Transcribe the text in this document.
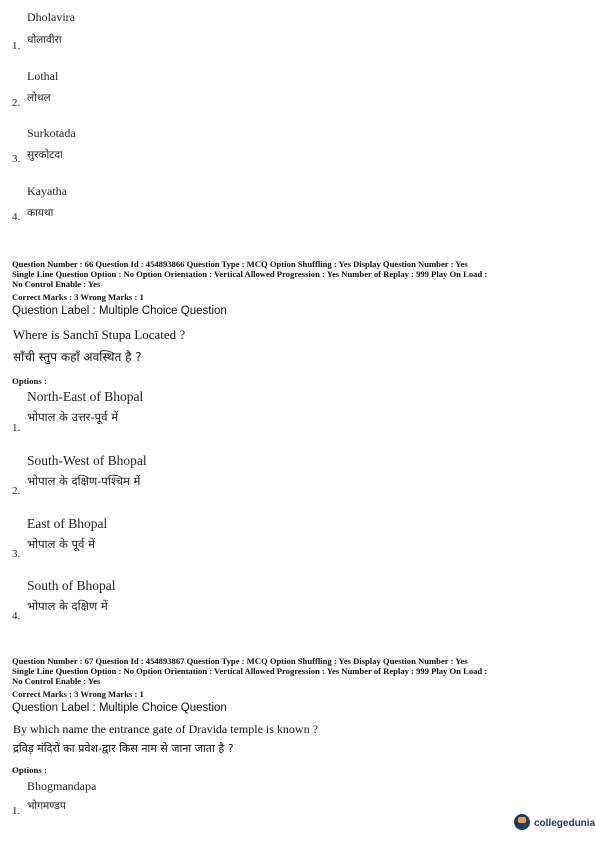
Dholavira
1. धोलावीरा
Lothal
2. लोथल
Surkotada
3. सुरकोटदा
Kayatha
4. कायथा
Question Number : 66 Question Id : 454893866 Question Type : MCQ Option Shuffling : Yes Display Question Number : Yes
Single Line Question Option : No Option Orientation : Vertical Allowed Progression : Yes Number of Replay : 999 Play On Load :
No Control Enable : Yes
Correct Marks : 3 Wrong Marks : 1
Question Label : Multiple Choice Question
Where is Sanchī Stupa Located ?
साँची स्तुप कहाँ अवस्थित है ?
Options :
North-East of Bhopal
भोपाल के उत्तर-पूर्व में
1.
South-West of Bhopal
भोपाल के दक्षिण-पश्चिम में
2.
East of Bhopal
भोपाल के पूर्व में
3.
South of Bhopal
भोपाल के दक्षिण में
4.
Question Number : 67 Question Id : 454893867 Question Type : MCQ Option Shuffling : Yes Display Question Number : Yes
Single Line Question Option : No Option Orientation : Vertical Allowed Progression : Yes Number of Replay : 999 Play On Load :
No Control Enable : Yes
Correct Marks : 3 Wrong Marks : 1
Question Label : Multiple Choice Question
By which name the entrance gate of Dravida temple is known ?
द्रविड़ मंदिरों का प्रवेश-द्वार किस नाम से जाना जाता है ?
Options :
Bhogmandapa
भोगमण्डप
1.
collegedunia
